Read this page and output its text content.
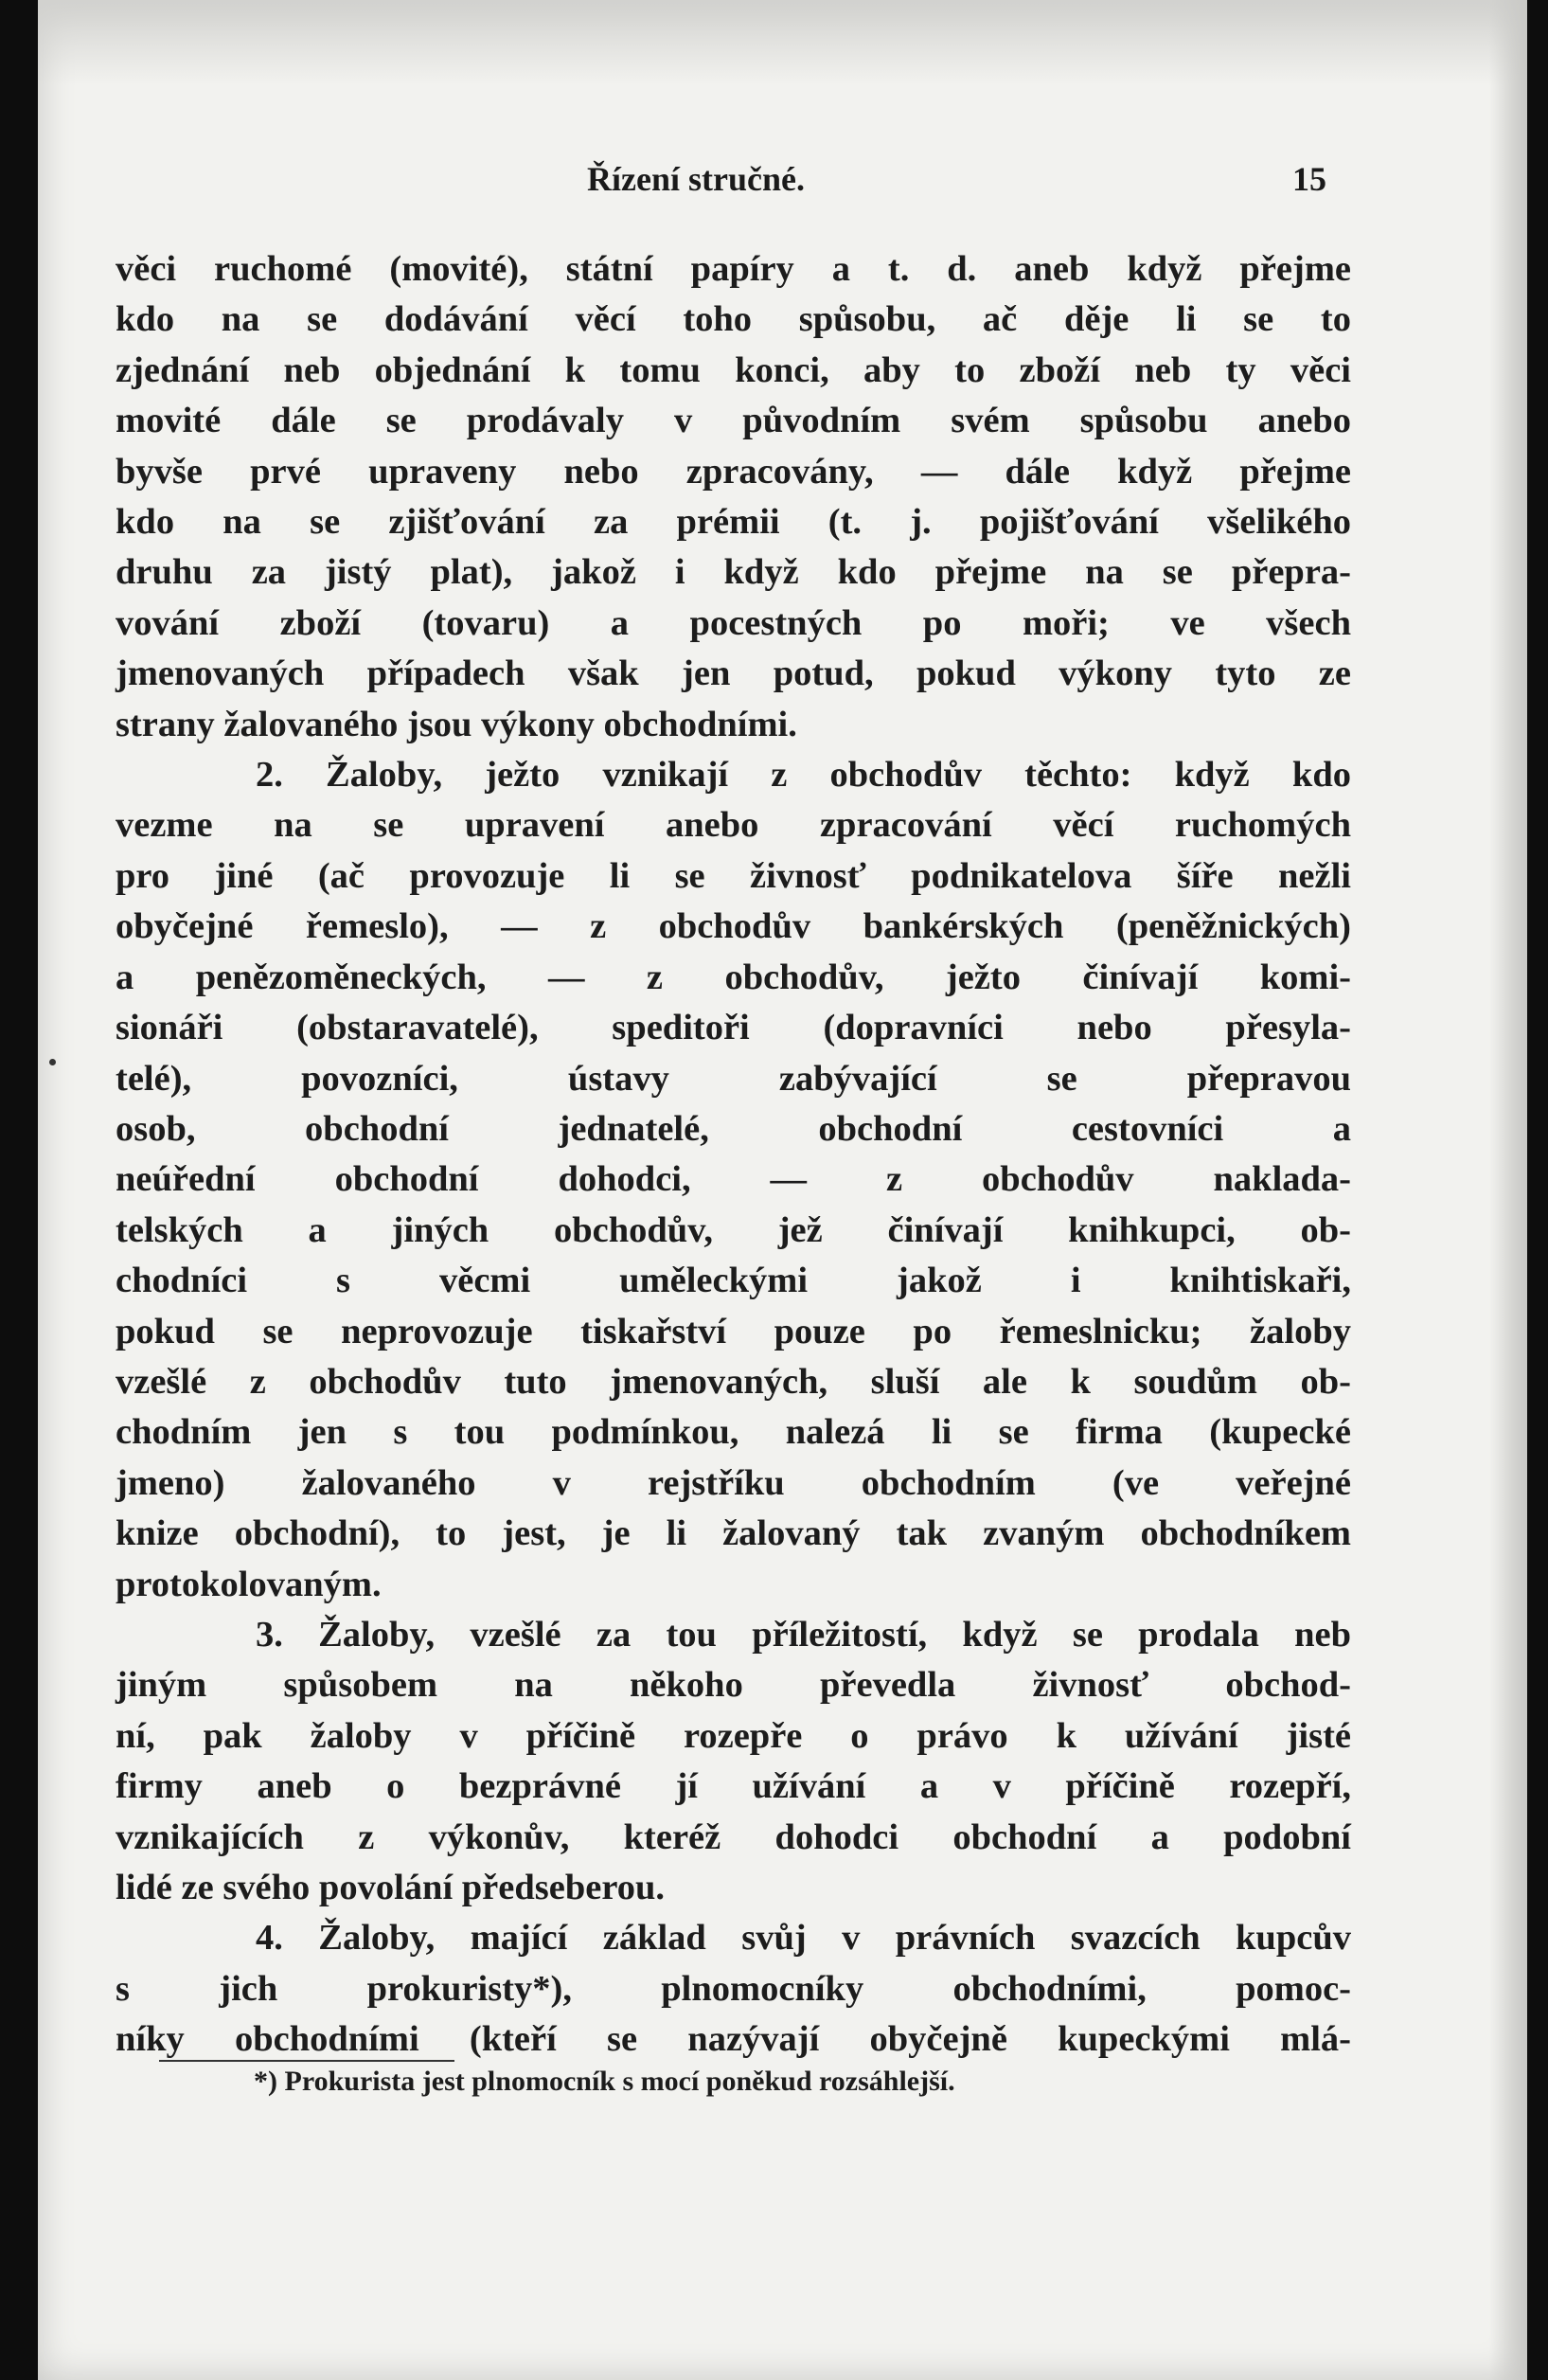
Řízení stručné.	15
věci ruchomé (movité), státní papíry a t. d. aneb když přejme
kdo na se dodávání věcí toho spůsobu, ač děje li se to
zjednání neb objednání k tomu konci, aby to zboží neb ty věci
movité dále se prodávaly v původním svém spůsobu anebo
byvše prvé upraveny nebo zpracovány, — dále když přejme
kdo na se zjišťování za prémii (t. j. pojišťování všelikého
druhu za jistý plat), jakož i když kdo přejme na se přepra-
vování zboží (tovaru) a pocestných po moři; ve všech
jmenovaných případech však jen potud, pokud výkony tyto ze
strany žalovaného jsou výkony obchodními.
2. Žaloby, ježto vznikají z obchodův těchto: když kdo
vezme na se upravení anebo zpracování věcí ruchomých
pro jiné (ač provozuje li se živnosť podnikatelova šíře nežli
obyčejné řemeslo), — z obchodův bankérských (peněžnických)
a penězoměneckých, — z obchodův, ježto činívají komi-
sionáři (obstaravatelé), speditoři (dopravníci nebo přesyla-
telé), povozníci, ústavy zabývající se přepravou
osob, obchodní jednatelé, obchodní cestovníci a
neúřední obchodní dohodci, — z obchodův naklada-
telských a jiných obchodův, jež činívají knihkupci, ob-
chodníci s věcmi uměleckými jakož i knihtiskaři,
pokud se neprovozuje tiskařství pouze po řemeslnicku; žaloby
vzešlé z obchodův tuto jmenovaných, sluší ale k soudům ob-
chodním jen s tou podmínkou, nalezá li se firma (kupecké
jmeno) žalovaného v rejstříku obchodním (ve veřejné
knize obchodní), to jest, je li žalovaný tak zvaným obchodníkem
protokolovaným.
3. Žaloby, vzešlé za tou příležitostí, když se prodala neb
jiným spůsobem na někoho převedla živnosť obchod-
ní, pak žaloby v příčině rozepře o právo k užívání jisté
firmy aneb o bezprávné jí užívání a v příčině rozepří,
vznikajících z výkonův, kteréž dohodci obchodní a podobní
lidé ze svého povolání předseberou.
4. Žaloby, mající základ svůj v právních svazcích kupcův
s jich prokuristy*), plnomocníky obchodními, pomoc-
níky obchodními (kteří se nazývají obyčejně kupeckými mlá-
*) Prokurista jest plnomocník s mocí poněkud rozsáhlejší.
